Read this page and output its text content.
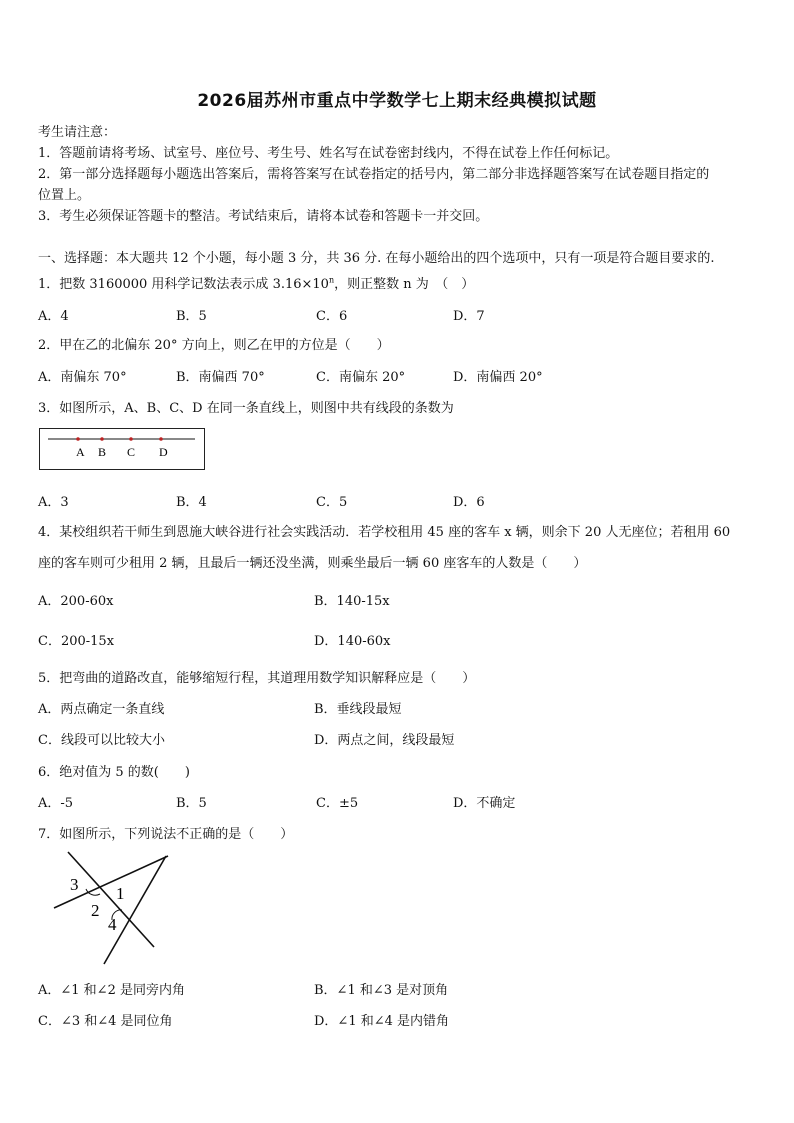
2026届苏州市重点中学数学七上期末经典模拟试题
考生请注意：
1．答题前请将考场、试室号、座位号、考生号、姓名写在试卷密封线内，不得在试卷上作任何标记。
2．第一部分选择题每小题选出答案后，需将答案写在试卷指定的括号内，第二部分非选择题答案写在试卷题目指定的
位置上。
3．考生必须保证答题卡的整洁。考试结束后，请将本试卷和答题卡一并交回。
一、选择题：本大题共 12 个小题，每小题 3 分，共 36 分. 在每小题给出的四个选项中，只有一项是符合题目要求的.
1．把数 3160000 用科学记数法表示成 $3.16\times 10^n$，则正整数 n 为　（　）
A．4	B．5	C．6	D．7
2．甲在乙的北偏东 20° 方向上，则乙在甲的方位是（　　）
A．南偏东 70°	B．南偏西 70°	C．南偏东 20°	D．南偏西 20°
3．如图所示，A、B、C、D 在同一条直线上，则图中共有线段的条数为
A B C D
A．3	B．4	C．5	D．6
4．某校组织若干师生到恩施大峡谷进行社会实践活动．若学校租用 45 座的客车 x 辆，则余下 20 人无座位；若租用 60
座的客车则可少租用 2 辆，且最后一辆还没坐满，则乘坐最后一辆 60 座客车的人数是（　　）
A．200-60x	B．140-15x
C．200-15x	D．140-60x
5．把弯曲的道路改直，能够缩短行程，其道理用数学知识解释应是（　　）
A．两点确定一条直线	B．垂线段最短
C．线段可以比较大小	D．两点之间，线段最短
6．绝对值为 5 的数(　　)
A．-5	B．5	C．±5	D．不确定
7．如图所示，下列说法不正确的是（　　）
3 1
2
4
A．∠1 和∠2 是同旁内角	B．∠1 和∠3 是对顶角
C．∠3 和∠4 是同位角	D．∠1 和∠4 是内错角
